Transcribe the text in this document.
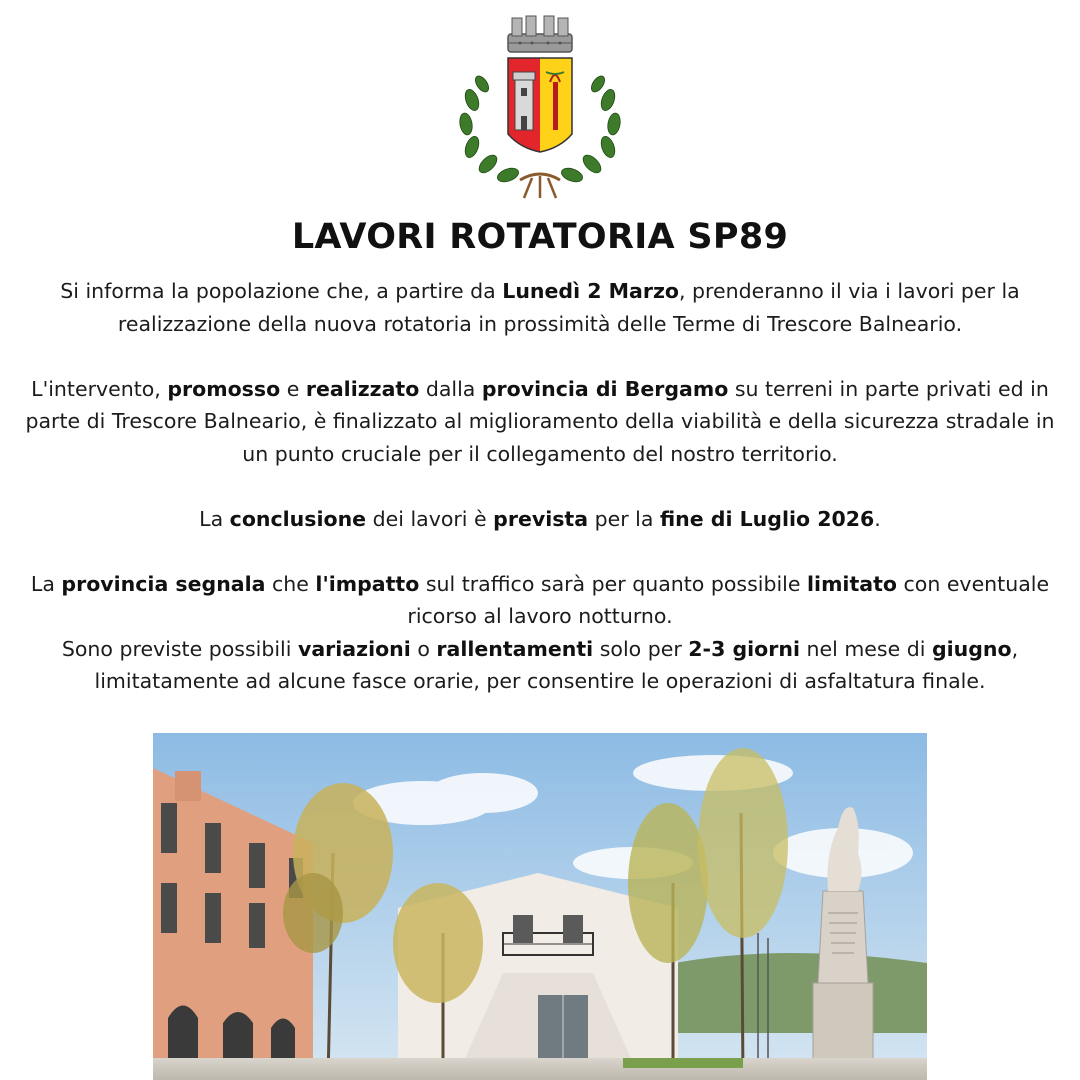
LAVORI ROTATORIA SP89

Si informa la popolazione che, a partire da Lunedì 2 Marzo, prenderanno il via i lavori per la realizzazione della nuova rotatoria in prossimità delle Terme di Trescore Balneario.

L'intervento, promosso e realizzato dalla provincia di Bergamo su terreni in parte privati ed in parte di Trescore Balneario, è finalizzato al miglioramento della viabilità e della sicurezza stradale in un punto cruciale per il collegamento del nostro territorio.

La conclusione dei lavori è prevista per la fine di Luglio 2026.

La provincia segnala che l'impatto sul traffico sarà per quanto possibile limitato con eventuale ricorso al lavoro notturno.

Sono previste possibili variazioni o rallentamenti solo per 2-3 giorni nel mese di giugno, limitatamente ad alcune fasce orarie, per consentire le operazioni di asfaltatura finale.
